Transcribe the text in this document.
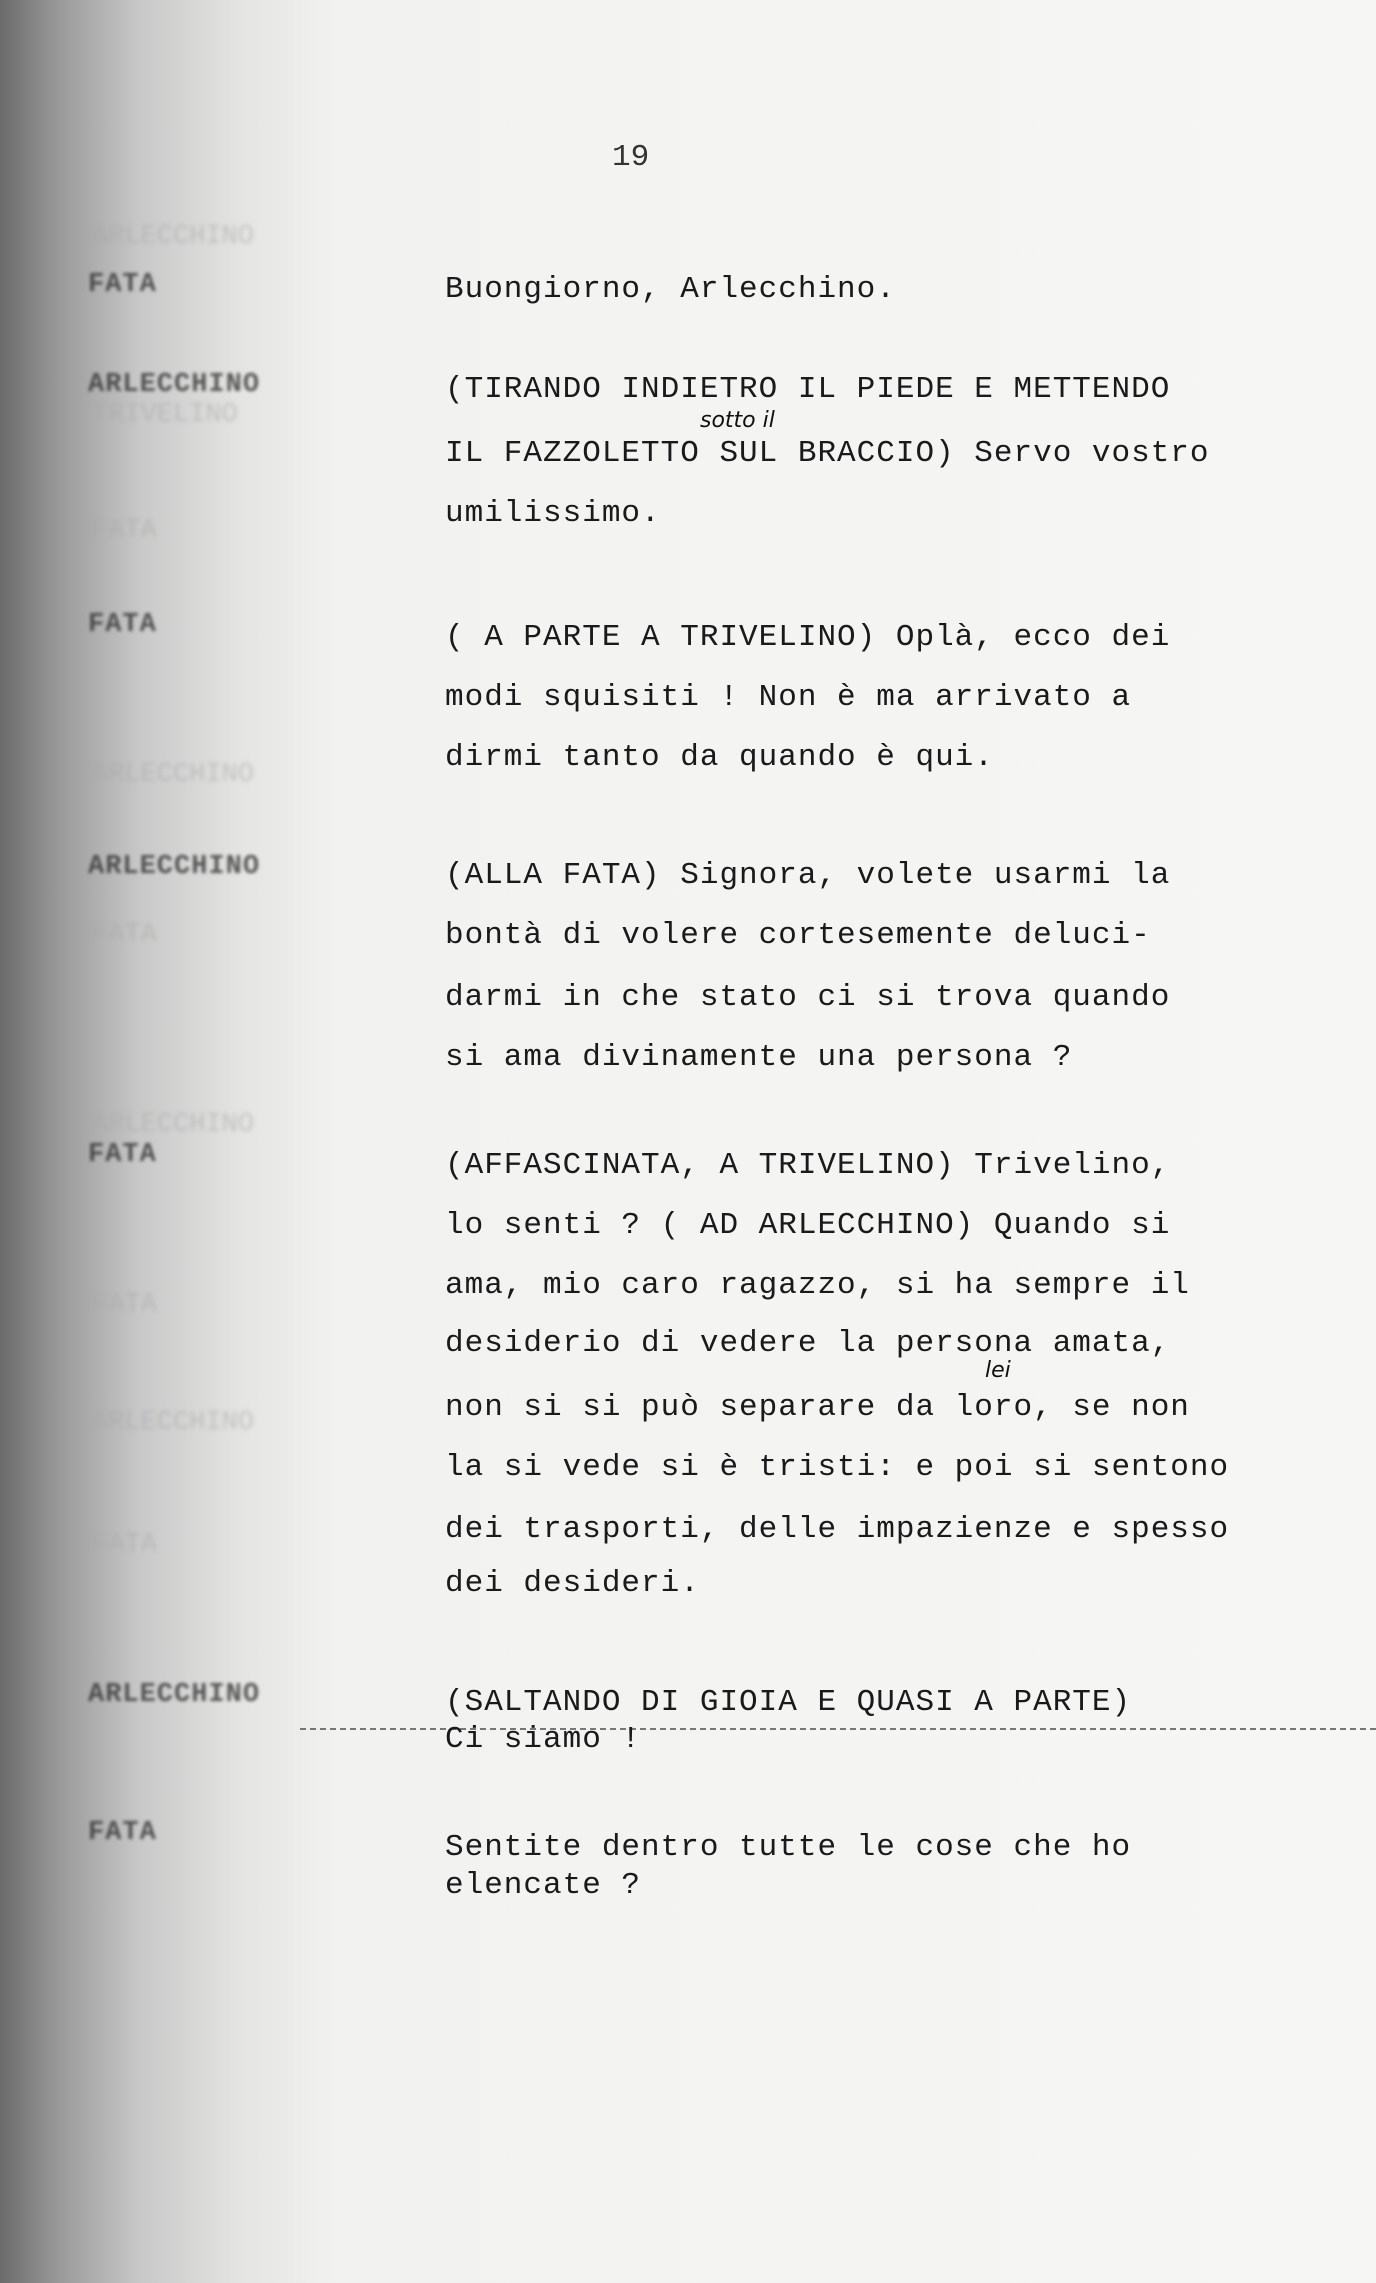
19
ARLECCHINO
TRIVELINO
FATA
ARLECCHINO
FATA
ARLECCHINO
FATA
ARLECCHINO
FATA
FATA	Buongiorno, Arlecchino.
ARLECCHINO	(TIRANDO INDIETRO IL PIEDE E METTENDO
sotto il
IL FAZZOLETTO SUL BRACCIO) Servo vostro
umilissimo.
FATA	( A PARTE A TRIVELINO) Oplà, ecco dei
modi squisiti ! Non è ma arrivato a
dirmi tanto da quando è qui.
ARLECCHINO	(ALLA FATA) Signora, volete usarmi la
bontà di volere cortesemente deluci-
darmi in che stato ci si trova quando
si ama divinamente una persona ?
FATA	(AFFASCINATA, A TRIVELINO) Trivelino,
lo senti ? ( AD ARLECCHINO) Quando si
ama, mio caro ragazzo, si ha sempre il
desiderio di vedere la persona amata,
lei
non si si può separare da loro, se non
la si vede si è tristi: e poi si sentono
dei trasporti, delle impazienze e spesso
dei desideri.
ARLECCHINO	(SALTANDO DI GIOIA E QUASI A PARTE)
Ci siamo !
FATA	Sentite dentro tutte le cose che ho
elencate ?
